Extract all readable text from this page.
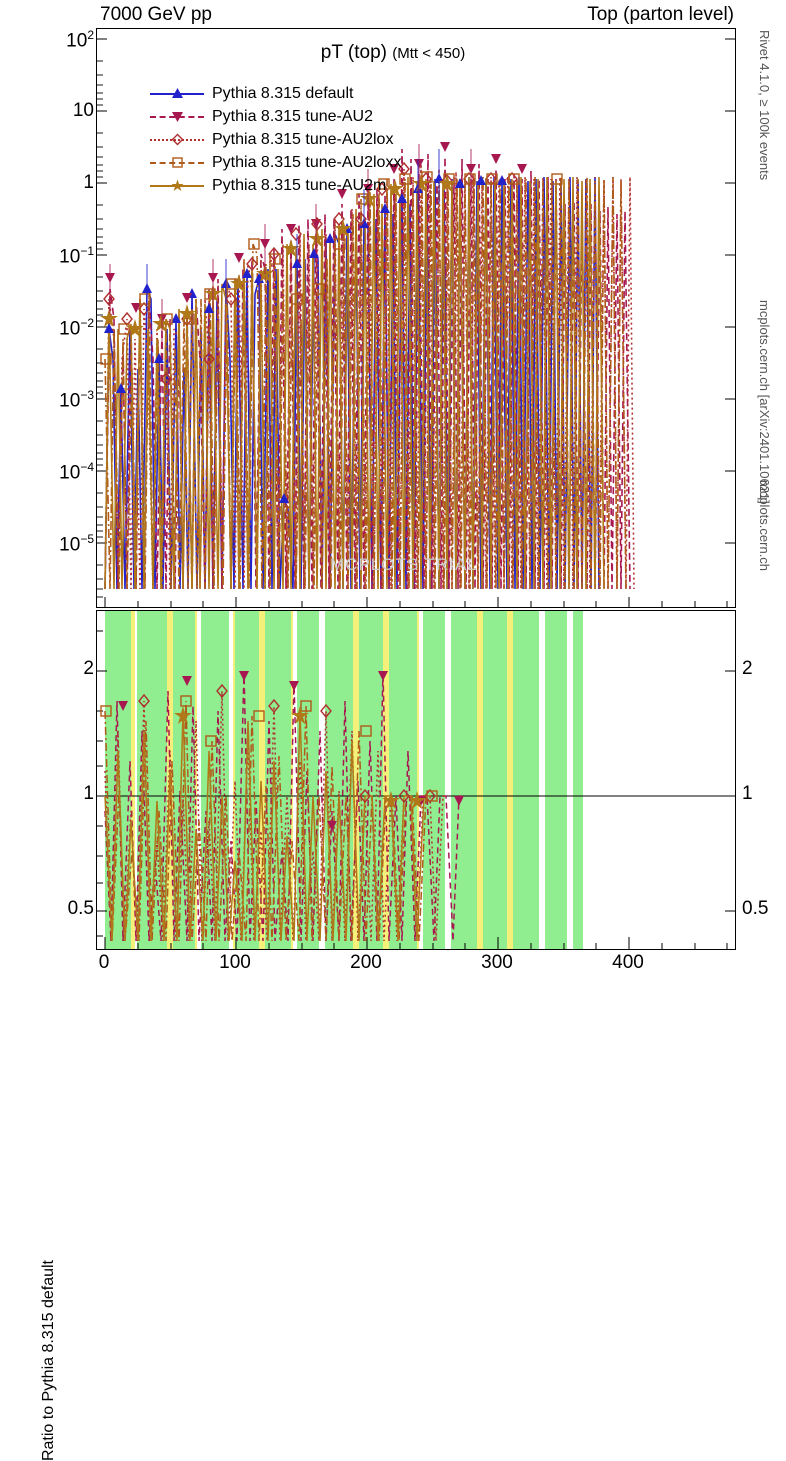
7000 GeV pp	Top (parton level)
Rivet 4.1.0, ≥ 100k events
mcplots.cern.ch [arXiv:2401.10621]
$10^2$
10
1
$10^{-1}$
$10^{-2}$
$10^{-3}$
$10^{-4}$
$10^{-5}$
pT (top) (Mtt < 450)
Pythia 8.315 default
Pythia 8.315 tune-AU2
Pythia 8.315 tune-AU2lox
Pythia 8.315 tune-AU2loxx
Pythia 8.315 tune-AU2m
MCPLOTS TRIAL
2
1
0.5
2
1
0.5
Ratio to Pythia 8.315 default
0	100	200	300	400
mcplots.cern.ch
